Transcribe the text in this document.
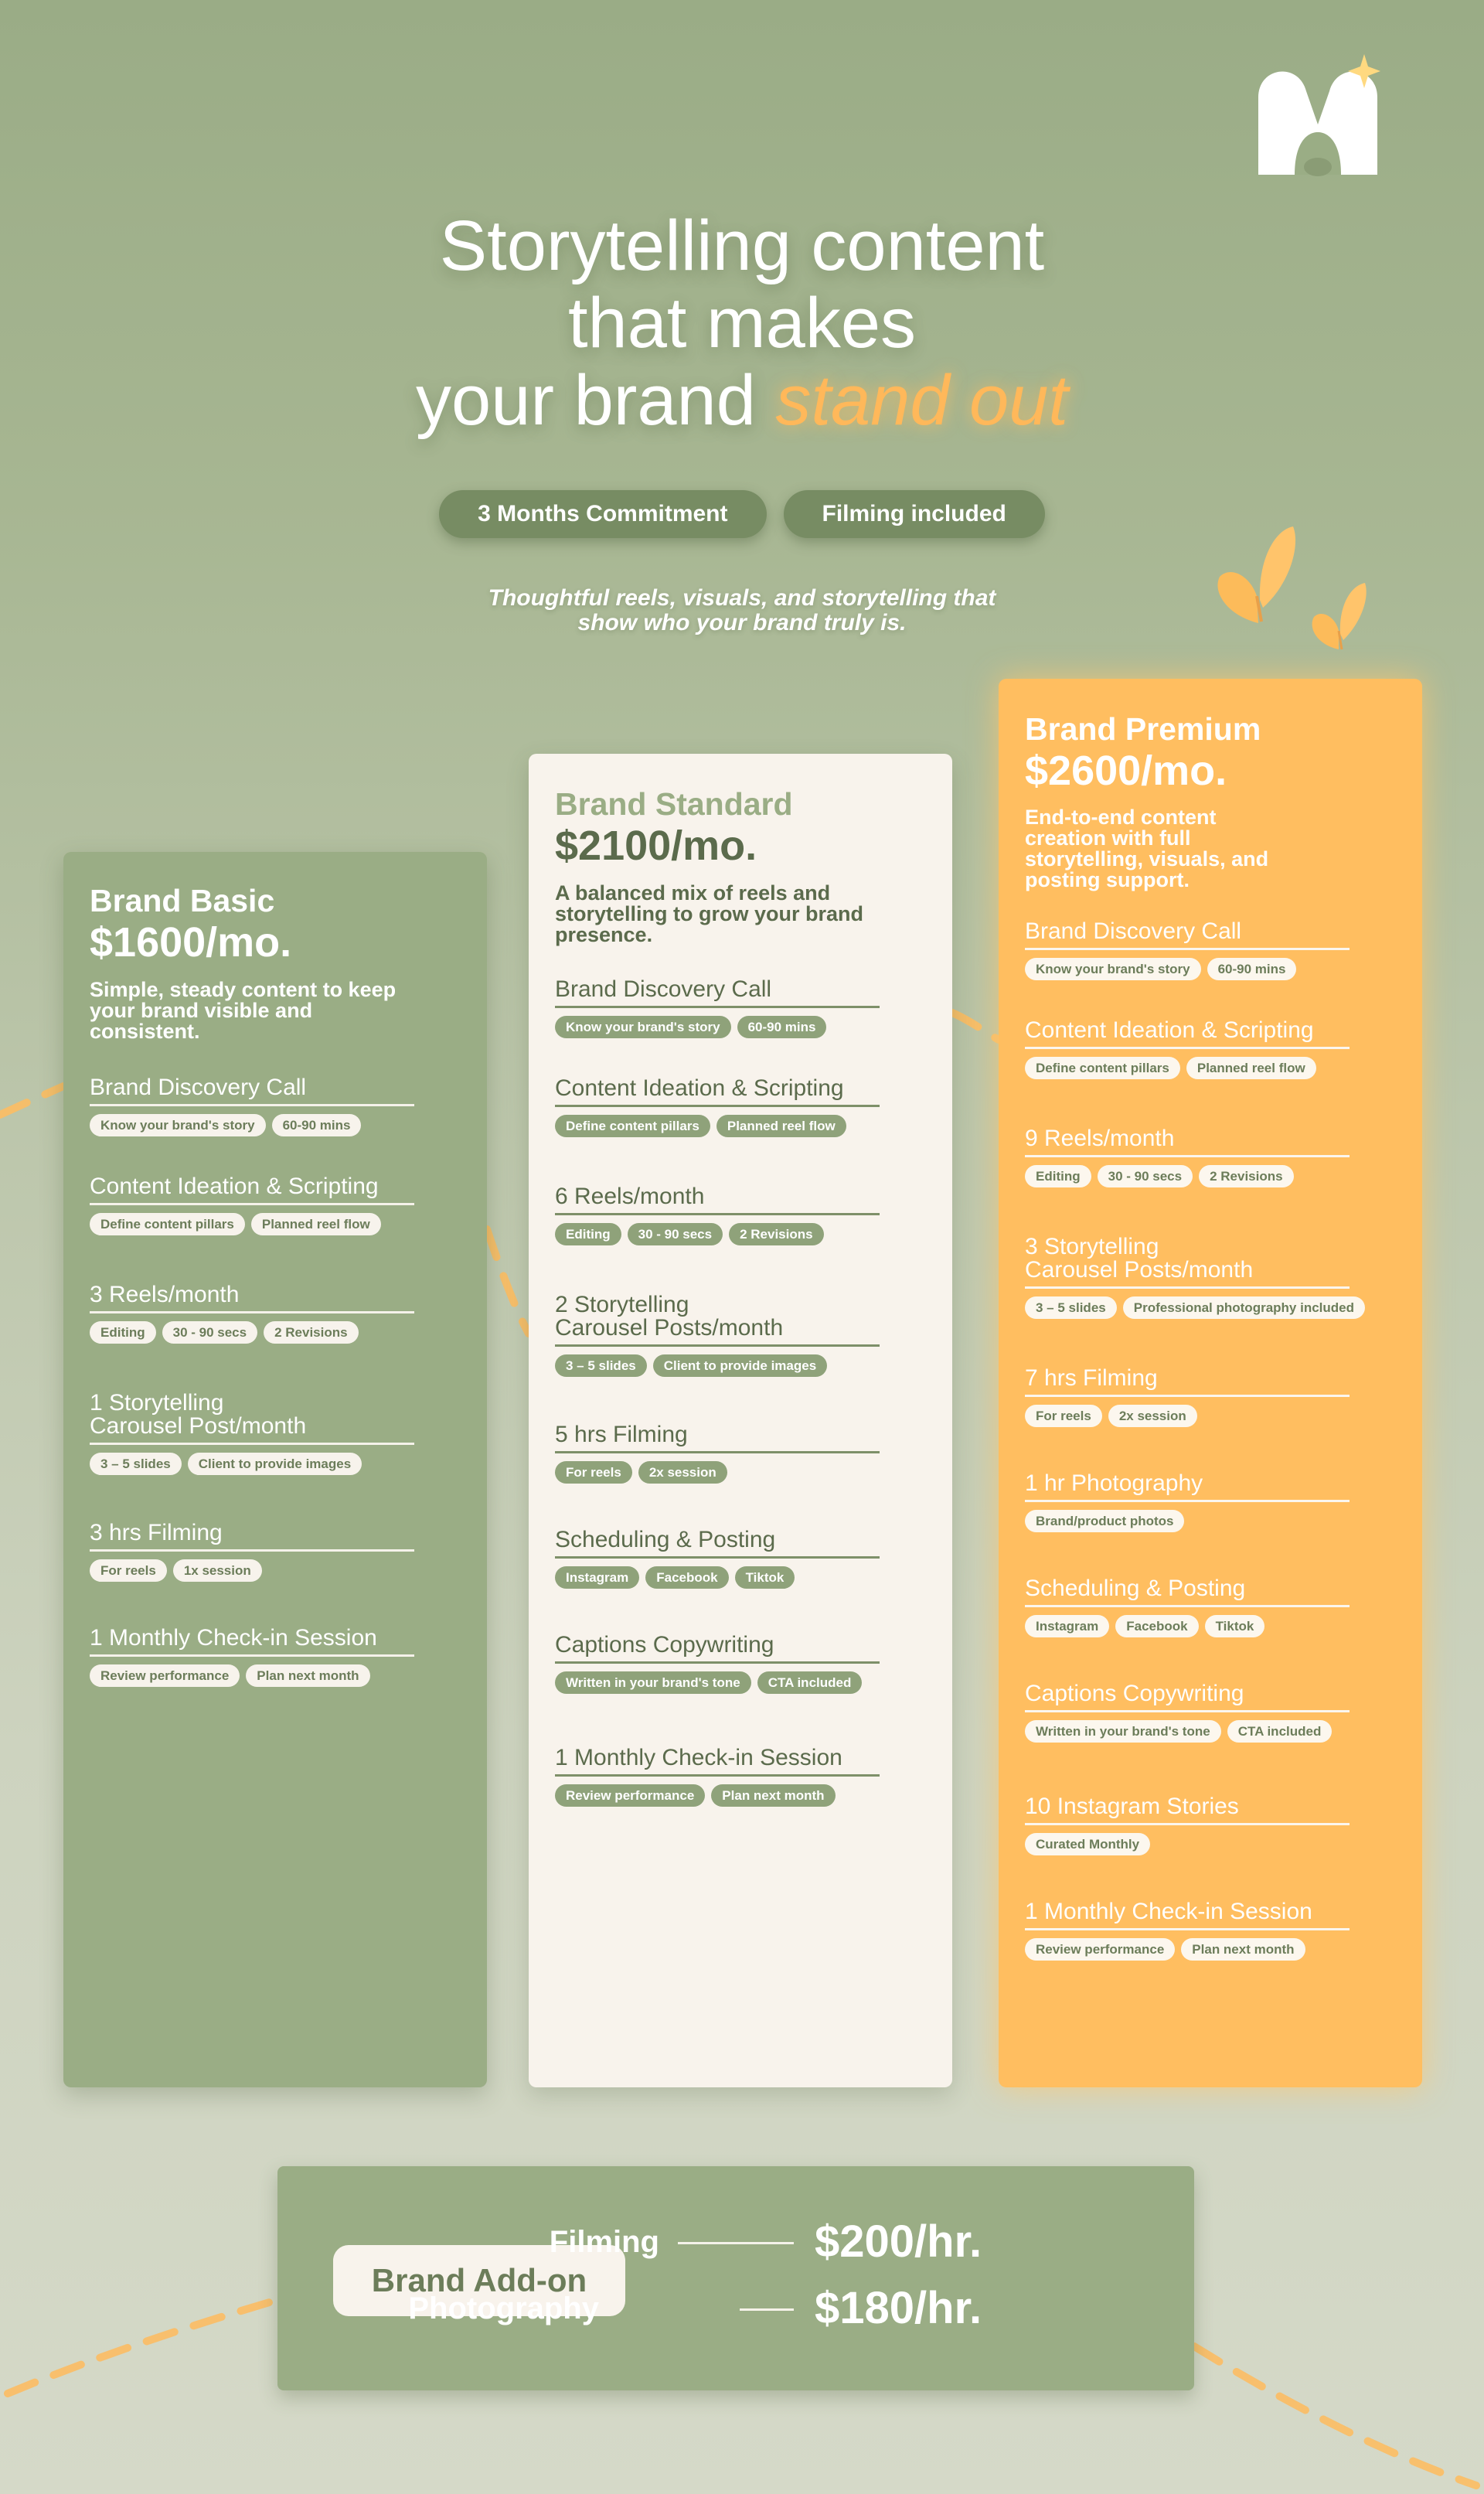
Storytelling content
that makes
your brand stand out
3 Months Commitment	Filming included
Thoughtful reels, visuals, and storytelling that
show who your brand truly is.
Brand Basic
$1600/mo.
Simple, steady content to keep your brand visible and consistent.
Brand Discovery Call
Know your brand's story	60-90 mins
Content Ideation & Scripting
Define content pillars	Planned reel flow
3 Reels/month
Editing	30 - 90 secs	2 Revisions
1 Storytelling Carousel Post/month
3 – 5 slides	Client to provide images
3 hrs Filming
For reels	1x session
1 Monthly Check-in Session
Review performance	Plan next month
Brand Standard
$2100/mo.
A balanced mix of reels and storytelling to grow your brand presence.
Brand Discovery Call
Know your brand's story	60-90 mins
Content Ideation & Scripting
Define content pillars	Planned reel flow
6 Reels/month
Editing	30 - 90 secs	2 Revisions
2 Storytelling Carousel Posts/month
3 – 5 slides	Client to provide images
5 hrs Filming
For reels	2x session
Scheduling & Posting
Instagram	Facebook	Tiktok
Captions Copywriting
Written in your brand's tone	CTA included
1 Monthly Check-in Session
Review performance	Plan next month
Brand Premium
$2600/mo.
End-to-end content creation with full storytelling, visuals, and posting support.
Brand Discovery Call
Know your brand's story	60-90 mins
Content Ideation & Scripting
Define content pillars	Planned reel flow
9 Reels/month
Editing	30 - 90 secs	2 Revisions
3 Storytelling Carousel Posts/month
3 – 5 slides	Professional photography included
7 hrs Filming
For reels	2x session
1 hr Photography
Brand/product photos
Scheduling & Posting
Instagram	Facebook	Tiktok
Captions Copywriting
Written in your brand's tone	CTA included
10 Instagram Stories
Curated Monthly
1 Monthly Check-in Session
Review performance	Plan next month
Brand Add-on
Filming	$200/hr.
Photography	$180/hr.
